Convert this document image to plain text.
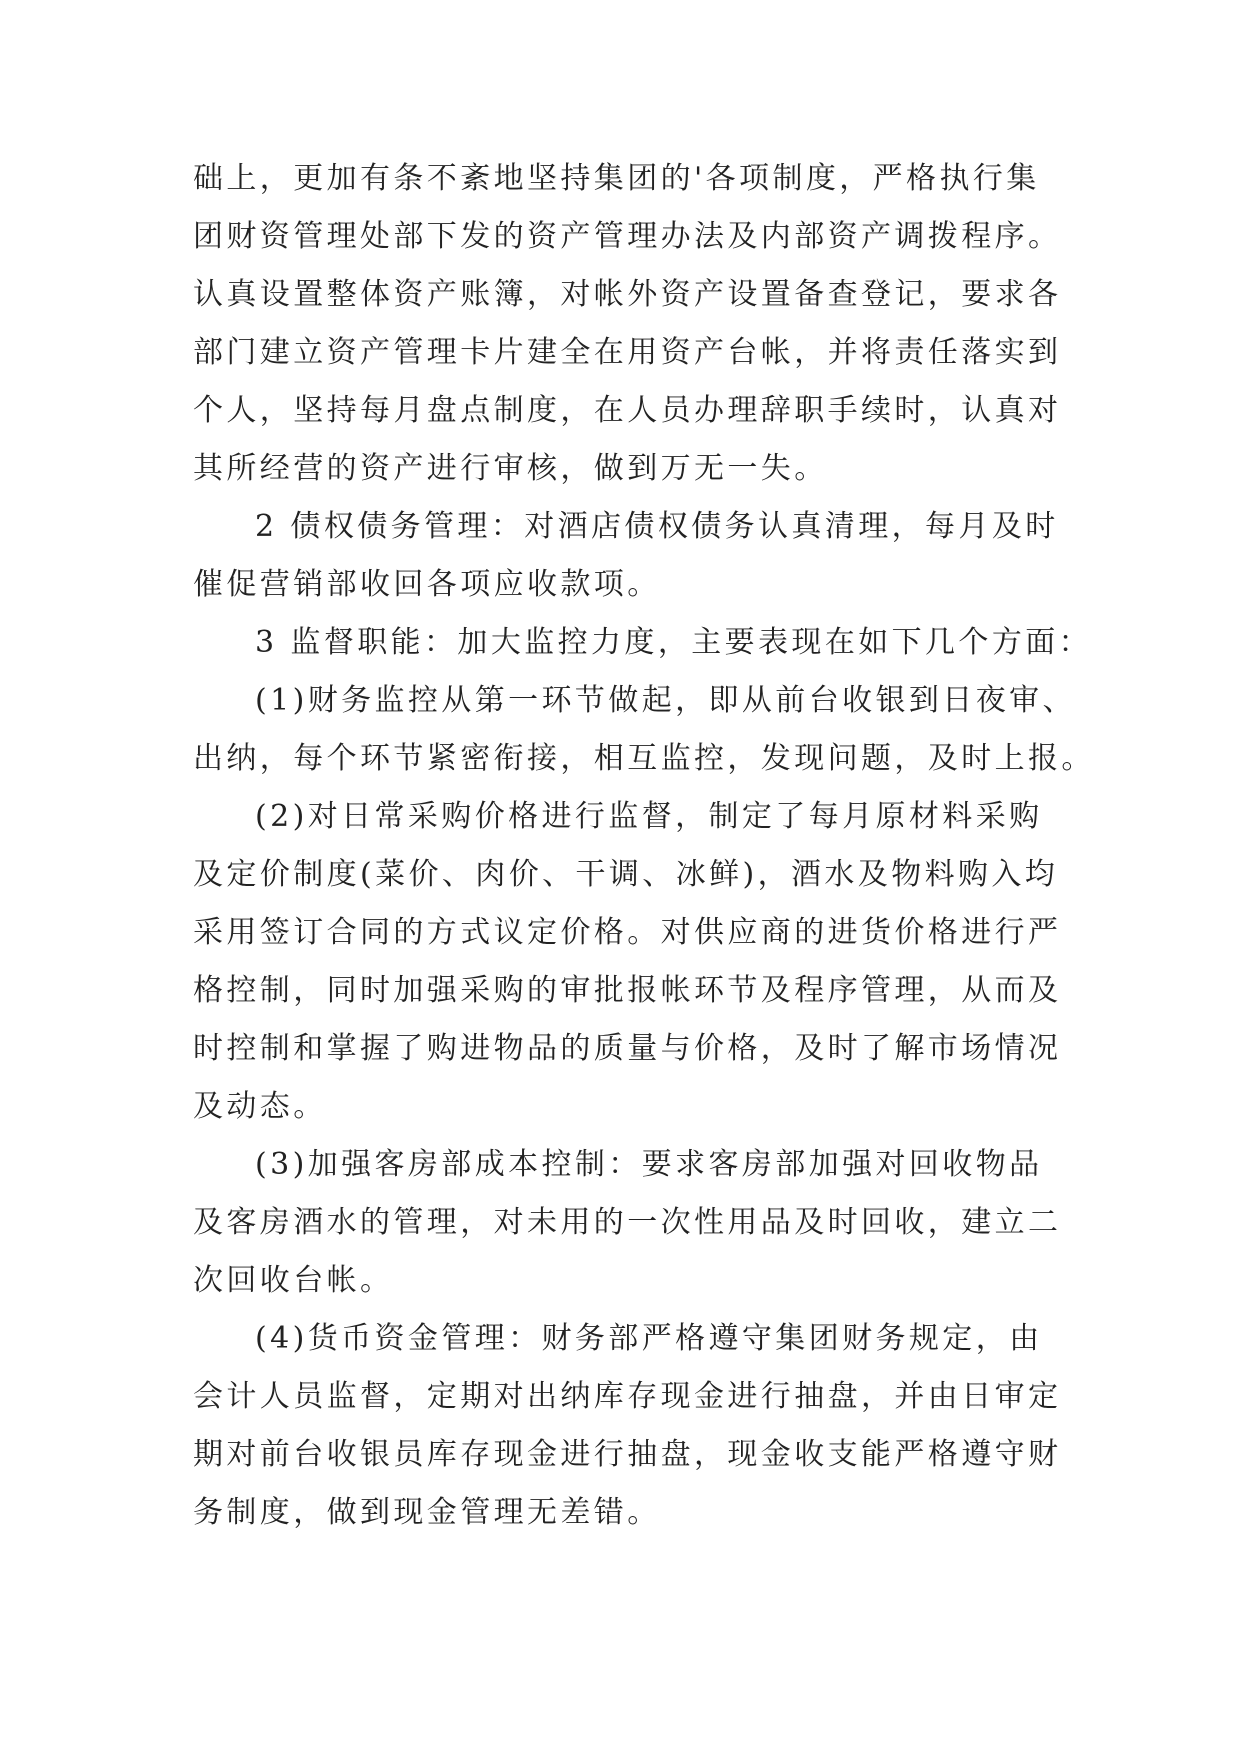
础上，更加有条不紊地坚持集团的'各项制度，严格执行集
团财资管理处部下发的资产管理办法及内部资产调拨程序。
认真设置整体资产账簿，对帐外资产设置备查登记，要求各
部门建立资产管理卡片建全在用资产台帐，并将责任落实到
个人，坚持每月盘点制度，在人员办理辞职手续时，认真对
其所经营的资产进行审核，做到万无一失。
2 债权债务管理：对酒店债权债务认真清理，每月及时
催促营销部收回各项应收款项。
3 监督职能：加大监控力度，主要表现在如下几个方面：
(1)财务监控从第一环节做起，即从前台收银到日夜审、
出纳，每个环节紧密衔接，相互监控，发现问题，及时上报。
(2)对日常采购价格进行监督，制定了每月原材料采购
及定价制度(菜价、肉价、干调、冰鲜)，酒水及物料购入均
采用签订合同的方式议定价格。对供应商的进货价格进行严
格控制，同时加强采购的审批报帐环节及程序管理，从而及
时控制和掌握了购进物品的质量与价格，及时了解市场情况
及动态。
(3)加强客房部成本控制：要求客房部加强对回收物品
及客房酒水的管理，对未用的一次性用品及时回收，建立二
次回收台帐。
(4)货币资金管理：财务部严格遵守集团财务规定，由
会计人员监督，定期对出纳库存现金进行抽盘，并由日审定
期对前台收银员库存现金进行抽盘，现金收支能严格遵守财
务制度，做到现金管理无差错。
